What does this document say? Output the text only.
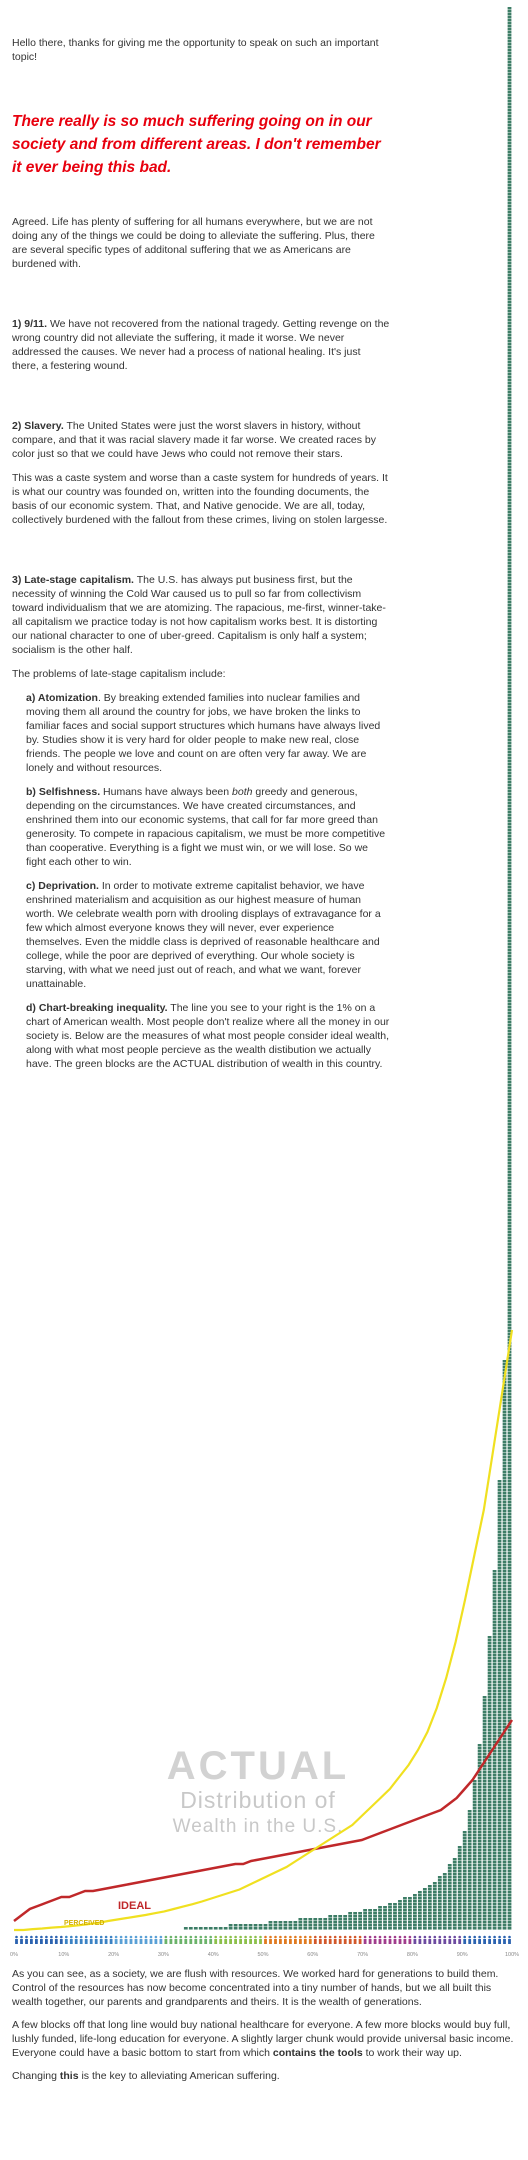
Hello there, thanks for giving me the opportunity to speak on such an important topic!

There really is so much suffering going on in our society and from different areas. I don't remember it ever being this bad.

Agreed. Life has plenty of suffering for all humans everywhere, but we are not doing any of the things we could be doing to alleviate the suffering. Plus, there are several specific types of additonal suffering that we as Americans are burdened with.

1) 9/11. We have not recovered from the national tragedy. Getting revenge on the wrong country did not alleviate the suffering, it made it worse. We never addressed the causes. We never had a process of national healing. It's just there, a festering wound.

2) Slavery. The United States were just the worst slavers in history, without compare, and that it was racial slavery made it far worse. We created races by color just so that we could have Jews who could not remove their stars.

This was a caste system and worse than a caste system for hundreds of years. It is what our country was founded on, written into the founding documents, the basis of our economic system. That, and Native genocide. We are all, today, collectively burdened with the fallout from these crimes, living on stolen largesse.

3) Late-stage capitalism. The U.S. has always put business first, but the necessity of winning the Cold War caused us to pull so far from collectivism toward individualism that we are atomizing. The rapacious, me-first, winner-take-all capitalism we practice today is not how capitalism works best. It is distorting our national character to one of uber-greed. Capitalism is only half a system; socialism is the other half.

The problems of late-stage capitalism include:

a) Atomization. By breaking extended families into nuclear families and moving them all around the country for jobs, we have broken the links to familiar faces and social support structures which humans have always lived by. Studies show it is very hard for older people to make new real, close friends. The people we love and count on are often very far away. We are lonely and without resources.

b) Selfishness. Humans have always been both greedy and generous, depending on the circumstances. We have created circumstances, and enshrined them into our economic systems, that call for far more greed than generosity. To compete in rapacious capitalism, we must be more competitive than cooperative. Everything is a fight we must win, or we will lose. So we fight each other to win.

c) Deprivation. In order to motivate extreme capitalist behavior, we have enshrined materialism and acquisition as our highest measure of human worth. We celebrate wealth porn with drooling displays of extravagance for a few which almost everyone knows they will never, ever experience themselves. Even the middle class is deprived of reasonable healthcare and college, while the poor are deprived of everything. Our whole society is starving, with what we need just out of reach, and what we want, forever unattainable.

d) Chart-breaking inequality. The line you see to your right is the 1% on a chart of American wealth. Most people don't realize where all the money in our society is. Below are the measures of what most people consider ideal wealth, along with what most people percieve as the wealth distibution we actually have. The green blocks are the ACTUAL distribution of wealth in this country.

0%	10%	20%	30%	40%	50%	60%	70%	80%	90%	100%
ACTUAL
Distribution of
Wealth in the U.S.
IDEAL
PERCEIVED

As you can see, as a society, we are flush with resources. We worked hard for generations to build them. Control of the resources has now become concentrated into a tiny number of hands, but we all built this wealth together, our parents and grandparents and theirs. It is the wealth of generations.

A few blocks off that long line would buy national healthcare for everyone. A few more blocks would buy full, lushly funded, life-long education for everyone. A slightly larger chunk would provide universal basic income. Everyone could have a basic bottom to start from which contains the tools to work their way up.

Changing this is the key to alleviating American suffering.
